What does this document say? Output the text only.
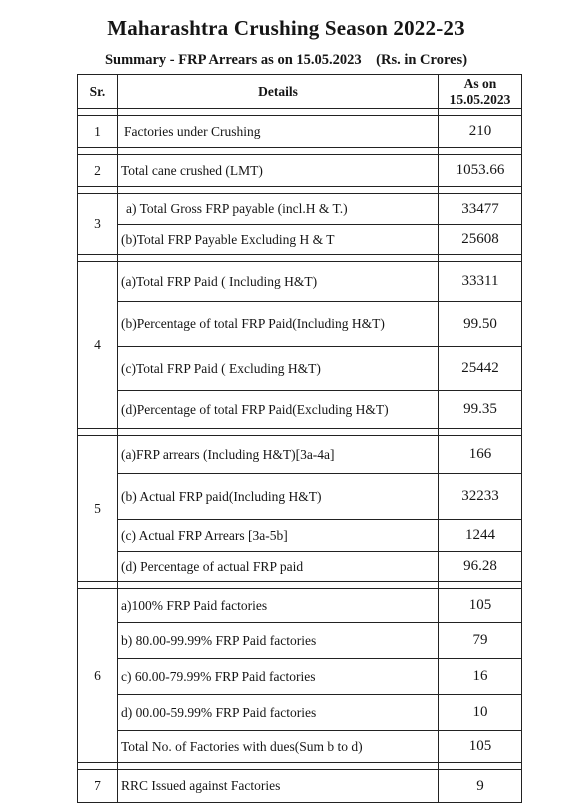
Maharashtra Crushing Season 2022-23
Summary - FRP Arrears as on 15.05.2023    (Rs. in Crores)
Sr.	Details	As on
15.05.2023

1	Factories under Crushing	210

2	Total cane crushed (LMT)	1053.66

3	a) Total Gross FRP payable (incl.H & T.)	33477
	(b)Total FRP Payable Excluding H & T	25608

4	(a)Total FRP Paid ( Including H&T)	33311
	(b)Percentage of total FRP Paid(Including H&T)	99.50
	(c)Total FRP Paid ( Excluding H&T)	25442
	(d)Percentage of total FRP Paid(Excluding H&T)	99.35

5	(a)FRP arrears (Including H&T)[3a-4a]	166
	(b) Actual FRP paid(Including H&T)	32233
	(c) Actual FRP Arrears [3a-5b]	1244
	(d) Percentage of actual FRP paid	96.28

6	a)100% FRP Paid factories	105
	b) 80.00-99.99% FRP Paid factories	79
	c) 60.00-79.99% FRP Paid factories	16
	d) 00.00-59.99% FRP Paid factories	10
	Total No. of Factories with dues(Sum b to d)	105

7	RRC Issued against Factories	9
